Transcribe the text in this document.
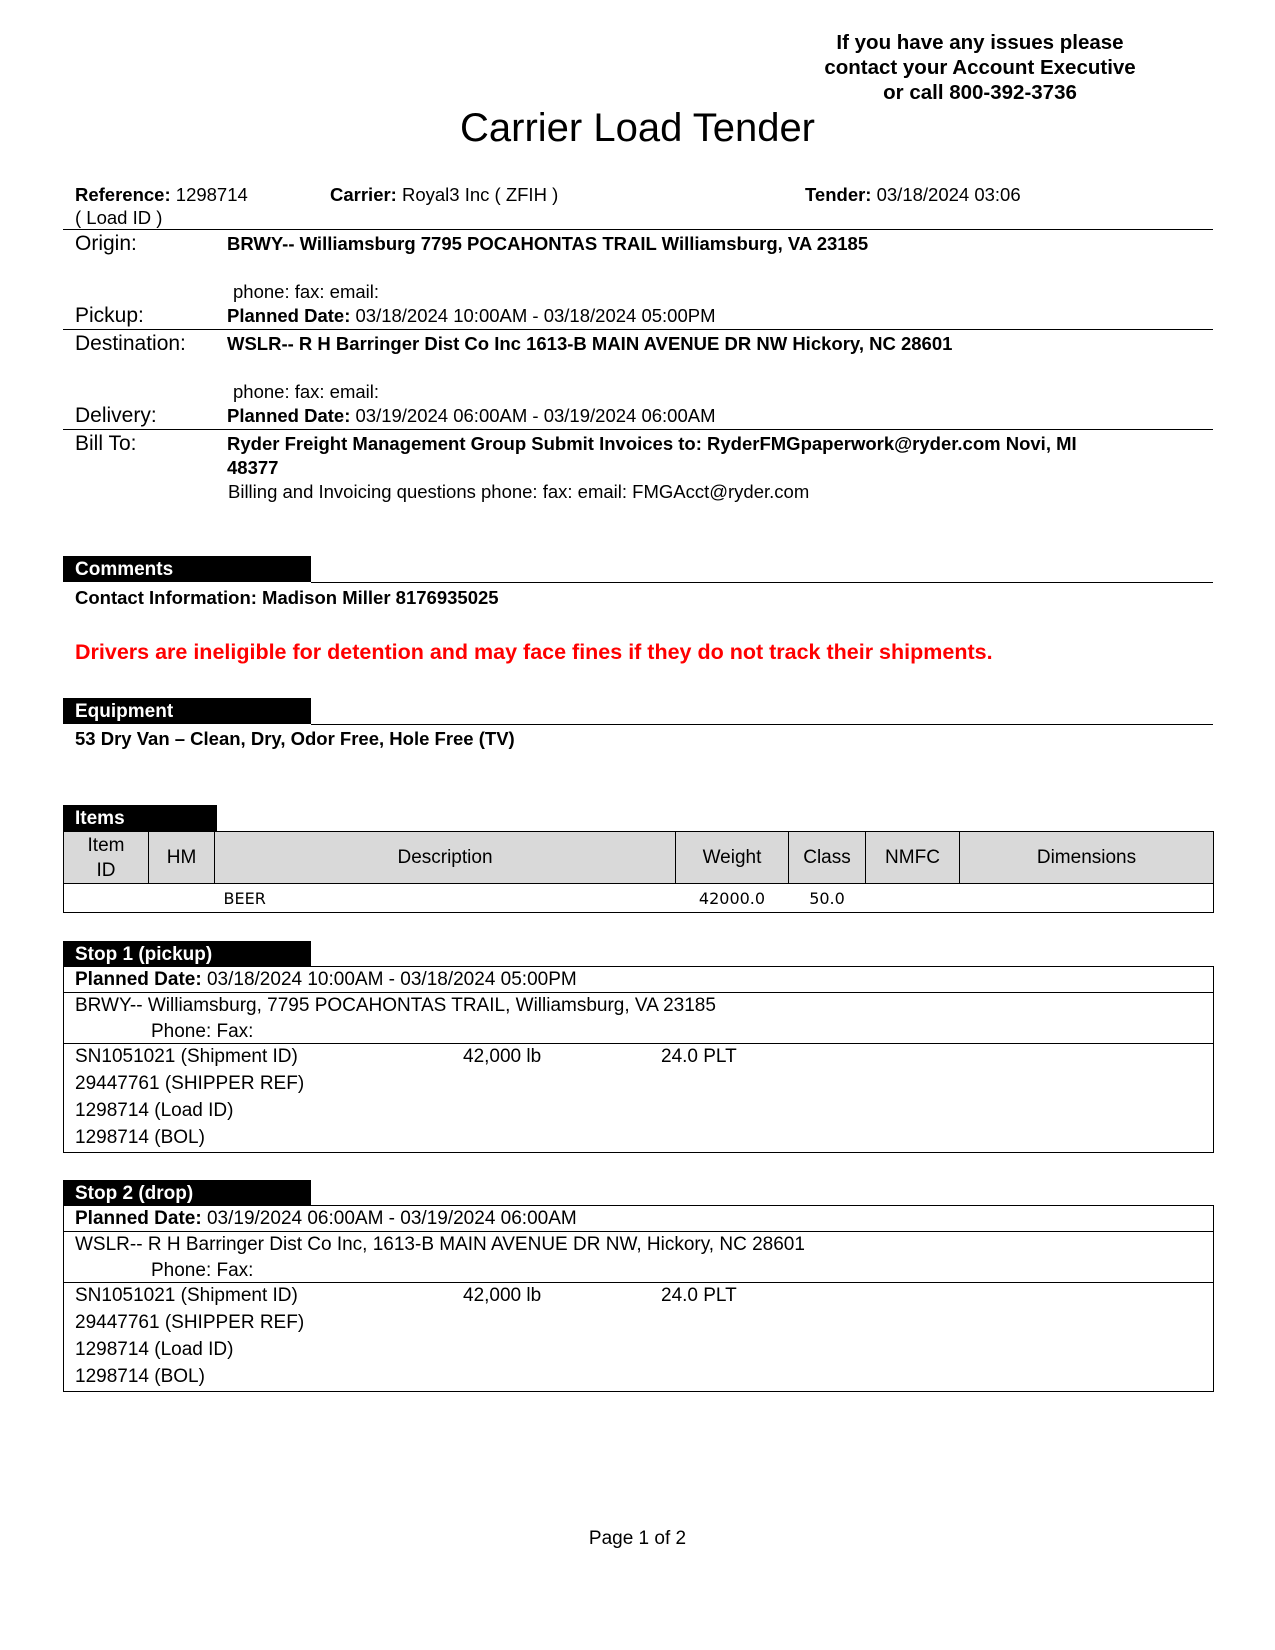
If you have any issues please
contact your Account Executive
or call 800-392-3736
Carrier Load Tender
Reference: 1298714
( Load ID )
Carrier: Royal3 Inc ( ZFIH )	Tender: 03/18/2024 03:06
Origin:	BRWY-- Williamsburg 7795 POCAHONTAS TRAIL Williamsburg, VA 23185
phone: fax: email:
Pickup:	Planned Date: 03/18/2024 10:00AM - 03/18/2024 05:00PM
Destination: WSLR-- R H Barringer Dist Co Inc 1613-B MAIN AVENUE DR NW Hickory, NC 28601
phone: fax: email:
Delivery:	Planned Date: 03/19/2024 06:00AM - 03/19/2024 06:00AM
Bill To:	Ryder Freight Management Group Submit Invoices to: RyderFMGpaperwork@ryder.com Novi, MI
48377
Billing and Invoicing questions phone: fax: email: FMGAcct@ryder.com
Comments
Contact Information: Madison Miller 8176935025
Drivers are ineligible for detention and may face fines if they do not track their shipments.
Equipment
53 Dry Van – Clean, Dry, Odor Free, Hole Free (TV)
Items
Item
ID	HM	Description	Weight	Class	NMFC	Dimensions
		BEER	42000.0	50.0		
Stop 1 (pickup)
Planned Date: 03/18/2024 10:00AM - 03/18/2024 05:00PM
BRWY-- Williamsburg, 7795 POCAHONTAS TRAIL, Williamsburg, VA 23185
Phone: Fax:
SN1051021 (Shipment ID)	42,000 lb	24.0 PLT
29447761 (SHIPPER REF)
1298714 (Load ID)
1298714 (BOL)
Stop 2 (drop)
Planned Date: 03/19/2024 06:00AM - 03/19/2024 06:00AM
WSLR-- R H Barringer Dist Co Inc, 1613-B MAIN AVENUE DR NW, Hickory, NC 28601
Phone: Fax:
SN1051021 (Shipment ID)	42,000 lb	24.0 PLT
29447761 (SHIPPER REF)
1298714 (Load ID)
1298714 (BOL)
Page 1 of 2
